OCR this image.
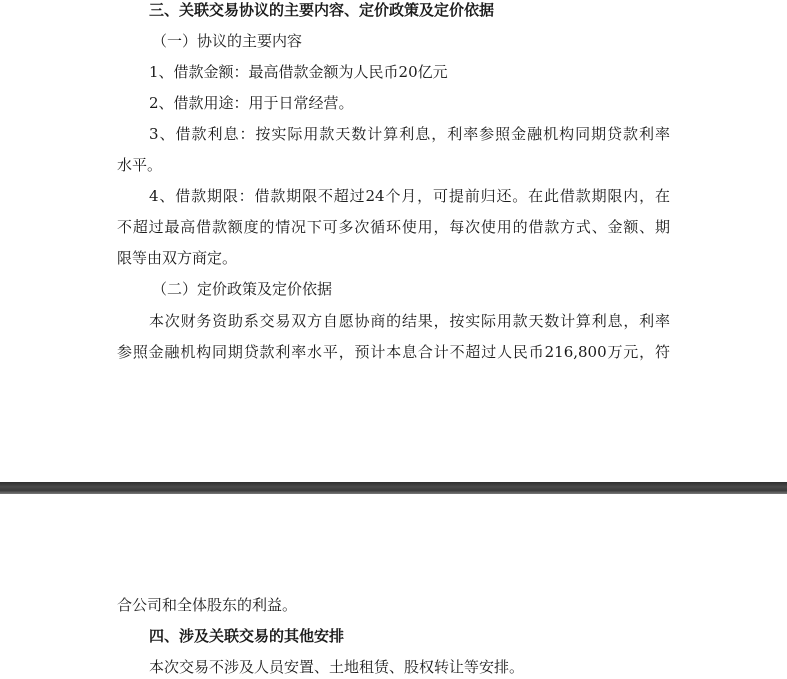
三、关联交易协议的主要内容、定价政策及定价依据
（一）协议的主要内容
1、借款金额：最高借款金额为人民币20亿元
2、借款用途：用于日常经营。
3、借款利息：按实际用款天数计算利息，利率参照金融机构同期贷款利率
水平。
4、借款期限：借款期限不超过24个月，可提前归还。在此借款期限内，在
不超过最高借款额度的情况下可多次循环使用，每次使用的借款方式、金额、期
限等由双方商定。
（二）定价政策及定价依据
本次财务资助系交易双方自愿协商的结果，按实际用款天数计算利息，利率
参照金融机构同期贷款利率水平，预计本息合计不超过人民币216,800万元，符
合公司和全体股东的利益。
四、涉及关联交易的其他安排
本次交易不涉及人员安置、土地租赁、股权转让等安排。
